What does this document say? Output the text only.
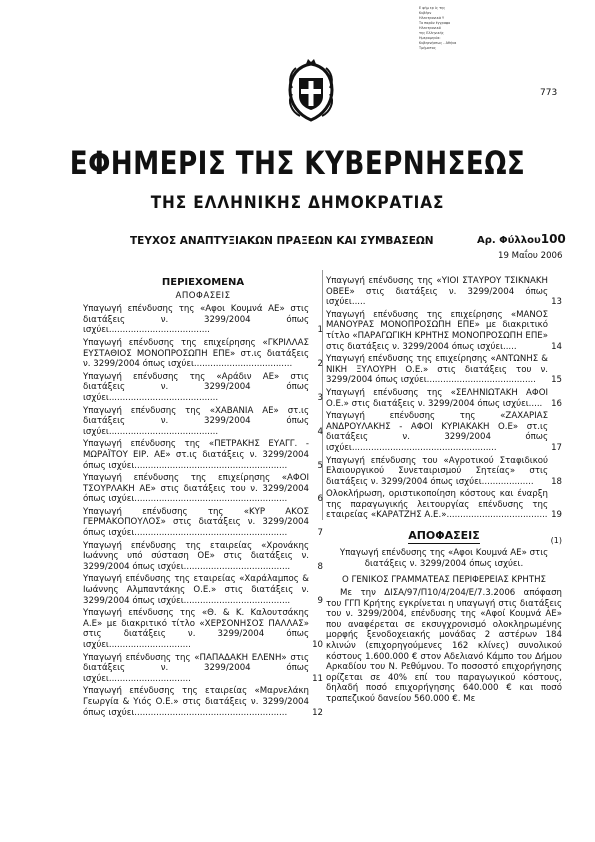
Ε φήμ ερ ίς της
Κυβέρν
Ηλεκτρονικά Υ
Το παρόν έγγραφο
Ηλεκτρονικό
της Ελληνικής
Ημερομηνία:
Κυβερνήσεως - Αθήνα
Τμήματος
773
ΕΦΗΜΕΡΙΣ ΤΗΣ ΚΥΒΕΡΝΗΣΕΩΣ
ΤΗΣ ΕΛΛΗΝΙΚΗΣ ΔΗΜΟΚΡΑΤΙΑΣ
ΤΕΥΧΟΣ ΑΝΑΠΤΥΞΙΑΚΩΝ ΠΡΑΞΕΩΝ ΚΑΙ ΣΥΜΒΑΣΕΩΝ	Αρ. Φύλλου100
19 Μαΐου 2006
ΠΕΡΙΕΧΟΜΕΝΑ
ΑΠΟΦΑΣΕΙΣ
Υπαγωγή επένδυσης της «Αφοι Κουμνά ΑΕ» στις διατάξεις ν. 3299/2004 όπως ισχύει.....................................	1
Υπαγωγή επένδυσης της επιχείρησης «ΓΚΡΙΛΛΑΣ ΕΥΣΤΑΘΙΟΣ ΜΟΝΟΠΡΟΣΩΠΗ ΕΠΕ» στ.ις διατάξεις ν. 3299/2004 όπως ισχύει....................................	2
Υπαγωγή επένδυσης της «Αράδιν ΑΕ» στις διατάξεις ν. 3299/2004 όπως ισχύει........................................	3
Υπαγωγή επένδυσης της «ΧΑΒΑΝΙΑ ΑΕ» στ.ις διατάξεις ν. 3299/2004 όπως ισχύει........................................	4
Υπαγωγή επένδυσης της «ΠΕΤΡΑΚΗΣ ΕΥΑΓΓ. - ΜΩΡΑΪΤΟΥ ΕΙΡ. ΑΕ» στ.ις διατάξεις ν. 3299/2004 όπως ισχύει........................................................	5
Υπαγωγή επένδυσης της επιχείρησης «ΑΦΟΙ ΤΣΟΥΡΛΑΚΗ ΑΕ» στις διατάξεις του ν. 3299/2004 όπως ισχύει........................................................	6
Υπαγωγή επένδυσης της «ΚΥΡ ΑΚΟΣ ΓΕΡΜΑΚΟΠΟΥΛΟΣ» στις διατάξεις ν. 3299/2004 όπως ισχύει........................................................	7
Υπαγωγή επένδυσης της εταιρείας «Χρονάκης Ιωάννης υπό σύσταση ΟΕ» στις διατάξεις ν. 3299/2004 όπως ισχύει.......................................	8
Υπαγωγή επένδυσης της εταιρείας «Χαράλαμπος & Ιωάννης Αλμπαντάκης Ο.Ε.» στις διατάξεις ν. 3299/2004 όπως ισχύει.......................................	9
Υπαγωγή επένδυσης της «Θ. & Κ. Καλουτσάκης Α.Ε» με διακριτικό τίτλο «ΧΕΡΣΟΝΗΣΟΣ ΠΑΛΛΑΣ» στις διατάξεις ν. 3299/2004 όπως ισχύει..............................	10
Υπαγωγή επένδυσης της «ΠΑΠΑΔΑΚΗ ΕΛΕΝΗ» στις διατάξεις ν. 3299/2004 όπως ισχύει..............................	11
Υπαγωγή επένδυσης της εταιρείας «Μαρνελάκη Γεωργία & Υιός Ο.Ε.» στις διατάξεις ν. 3299/2004 όπως ισχύει........................................................	12
Υπαγωγή επένδυσης της «ΥΙΟΙ ΣΤΑΥΡΟΥ ΤΣΙΚΝΑΚΗ ΟΒΕΕ» στις διατάξεις ν. 3299/2004 όπως ισχύει.....	13
Υπαγωγή επένδυσης της επιχείρησης «ΜΑΝΟΣ ΜΑΝΟΥΡΑΣ ΜΟΝΟΠΡΟΣΩΠΗ ΕΠΕ» με διακριτικό τίτλο «ΠΑΡΑΓΩΓΙΚΗ ΚΡΗΤΗΣ ΜΟΝΟΠΡΟΣΩΠΗ ΕΠΕ» στις διατάξεις ν. 3299/2004 όπως ισχύει.....	14
Υπαγωγή επένδυσης της επιχείρησης «ΑΝΤΩΝΗΣ & ΝΙΚΗ ΞΥΛΟΥΡΗ Ο.Ε.» στις διατάξεις του ν. 3299/2004 όπως ισχύει........................................	15
Υπαγωγή επένδυσης της «ΣΕΛΗΝΙΩΤΑΚΗ ΑΦΟΙ Ο.Ε.» στις διατάξεις ν. 3299/2004 όπως ισχύει.....	16
Υπαγωγή επένδυσης της «ΖΑΧΑΡΙΑΣ ΑΝΔΡΟΥΛΑΚΗΣ - ΑΦΟΙ ΚΥΡΙΑΚΑΚΗ Ο.Ε» στ.ις διατάξεις ν. 3299/2004 όπως ισχύει.....................................................	17
Υπαγωγή επένδυσης του «Αγροτικού Σταφιδικού Ελαιουργικού Συνεταιρισμού Σητείας» στις διατάξεις ν. 3299/2004 όπως ισχύει...................	18
Ολοκλήρωση, οριστικοποίηση κόστους και έναρξη της παραγωγικής λειτουργίας επένδυσης της εταιρείας «ΚΑΡΑΤΖΗΣ Α.Ε.»..................................... 19
ΑΠΟΦΑΣΕΙΣ	(1)
Υπαγωγή επένδυσης της «Αφοι Κουμνά ΑΕ» στις διατάξεις ν. 3299/2004 όπως ισχύει.
Ο ΓΕΝΙΚΟΣ ΓΡΑΜΜΑΤΕΑΣ ΠΕΡΙΦΕΡΕΙΑΣ ΚΡΗΤΗΣ
Με την ΔΙΣΑ/97/Π10/4/204/Ε/7.3.2006 απόφαση του ΓΓΠ Κρήτης εγκρίνεται η υπαγωγή στις διατάξεις του ν. 3299/2004, επένδυσης της «Αφοί Κουμνά ΑΕ» που αναφέρεται σε εκσυγχρονισμό ολοκληρωμένης μορφής ξενοδοχειακής μονάδας 2 αστέρων 184 κλινών (επιχορηγούμενες 162 κλίνες) συνολικού κόστους 1.600.000 € στον Αδελιανό Κάμπο του Δήμου Αρκαδίου του Ν. Ρεθύμνου. Το ποσοστό επιχορήγησης ορίζεται σε 40% επί του παραγωγικού κόστους, δηλαδή ποσό επιχορήγησης 640.000 € και ποσό τραπεζικού δανείου 560.000 €. Με
